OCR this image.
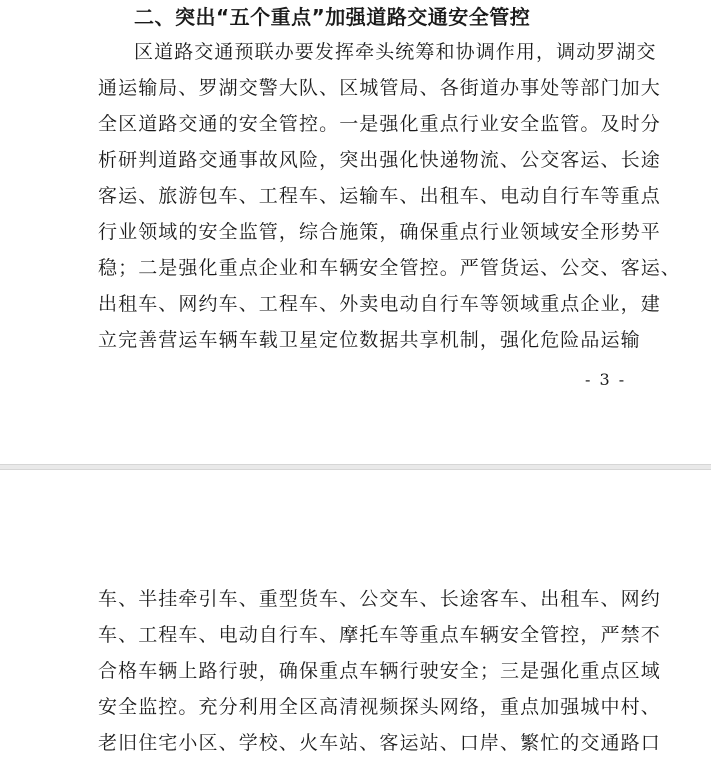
二、突出“五个重点”加强道路交通安全管控
区道路交通预联办要发挥牵头统筹和协调作用，调动罗湖交
通运输局、罗湖交警大队、区城管局、各街道办事处等部门加大
全区道路交通的安全管控。一是强化重点行业安全监管。及时分
析研判道路交通事故风险，突出强化快递物流、公交客运、长途
客运、旅游包车、工程车、运输车、出租车、电动自行车等重点
行业领域的安全监管，综合施策，确保重点行业领域安全形势平
稳；二是强化重点企业和车辆安全管控。严管货运、公交、客运、
出租车、网约车、工程车、外卖电动自行车等领域重点企业，建
立完善营运车辆车载卫星定位数据共享机制，强化危险品运输
- 3 -
车、半挂牵引车、重型货车、公交车、长途客车、出租车、网约
车、工程车、电动自行车、摩托车等重点车辆安全管控，严禁不
合格车辆上路行驶，确保重点车辆行驶安全；三是强化重点区域
安全监控。充分利用全区高清视频探头网络，重点加强城中村、
老旧住宅小区、学校、火车站、客运站、口岸、繁忙的交通路口
